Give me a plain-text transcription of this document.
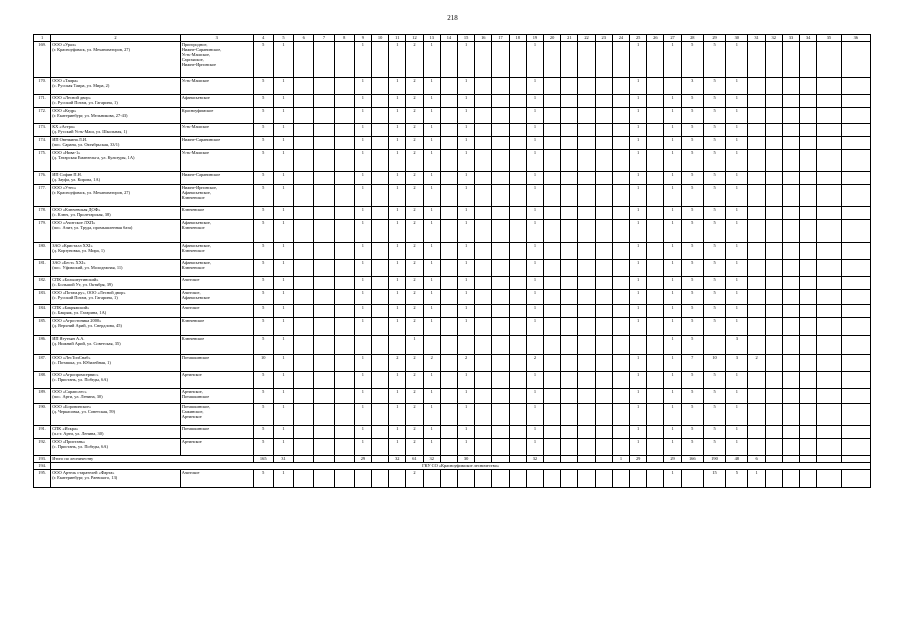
218
1	2	3	4	5	6	7	8	9	10	11	12	13	14	15	16	17	18	19	20	21	22	23	24	25	26	27	28	29	30	31	32	33	34	35	36
169.	ООО «Урал»
(г. Красноуфимск, ул. Механизаторов, 27)	Пригородное,
Нижне-Саранинское,
Усть-Машское,
Саргаяское,
Нижне-Иргинское	5	1				1		1	2	1		1				1						1		1	5	5	1						
170.	ООО «Таира»
(с. Русская Таира, ул. Мира, 2)	Усть-Машское	5	1				1		1	2	1		1				1						1			3	5	1						
171.	ООО «Лесной двор»
(с. Русский Потам, ул. Гагарина, 1)	Афанасьевское	5	1				1		1	2	1		1				1						1		1	5	5	1						
172.	ООО «Кедр»
(г. Екатеринбург, ул. Мельникова, 27-43)	Красноуфимское	5	1				1		1	2	1		1				1						1		1	5	5	1						
173.	КХ «Астра»
(д. Русский Усть-Маш, ул. Школьная, 1)	Усть-Машское	5	1				1		1	2	1		1				1						1		1	5	5	1						
174.	ИП Овечкина Л.И.
(пос. Сарана, ул. Октябрьская, 33/1)	Нижне-Саранинское	5	1				1		1	2	1		1				1						1		1	5	5	1						
175.	ООО «Нива-1»
(д. Татарская Еманзельга, ул. Культуры, 1А)	Усть-Машское	5	1				1		1	2	1		1				1						1		1	5	5	1						
176.	ИП Софин П.Н.
(д. Зауфа, ул. Кирова, 1А)	Нижне-Саранинское	5	1				1		1	2	1		1				1						1		1	5	5	1						
177.	ООО «Утес»
(г. Красноуфимск, ул. Механизаторов, 27)	Нижне-Иргинское,
Афанасьевское,
Ключенское	5	1				1		1	2	1		1				1						1		1	5	5	1						
178.	ООО «Ключевская ДОФ»
(с. Ключ, ул. Пролетарская, 38)	Ключевское	5	1				1		1	2	1		1				1						1		1	5	5	1						
179.	ООО «Ачитское ЛХП»
(пос. Ачит, ул. Труда, промышленная база)	Афанасьевское,
Ключенское	5	1				1		1	2	1		1				1						1		1	5	5	1						
180.	ЗАО «Кристалл XXI»
(д. Корзуновка, ул. Мира, 1)	Афанасьевское,
Ключенское	5	1				1		1	2	1		1				1						1		1	5	5	1						
181.	ЗАО «Бест» XXI»
(пос. Уфимский, ул. Молодежная, 11)	Афанасьевское,
Ключенское	5	1				1		1	2	1		1				1						1		1	5	5	1						
182.	СПК «Большеутинский»
(с. Большой Ут, ул. Октября, 39)	Ачитское	5	1				1		1	2	1		1				1						1		1	5	5	1						
183.	ООО «Потам.ру», ООО «Лесной двор»
(с. Русский Потам, ул. Гагарина, 1)	Ачитское,
Афанасьевское	5	1				1		1	2	1		1				1						1		1	5	5	1						
184.	СПК «Бакряжский»
(с. Бакряж, ул. Гагарина, 1А)	Ачитское	5	1				1		1	2	1		1				1						1		1	5	5	1						
185.	ООО «Агростоника 2000»
(д. Верхний Арий, ул. Свердлова, 45)	Ключевское	5	1				1		1	2	1		1				1						1		1	5	5	1						
186.	ИП Ягутьян А.А.
(д. Нижний Арий, ул. Советская, 35)	Ключевское	5	1							1															1	5		3						
187.	ООО «ЛесТопСнаб»
(с. Поташка, ул. Юбилейная, 1)	Поташкинское	10	1				1		2	2	2		2				2						1		1	7	10	3	2					
188.	ООО «Агропромсервис»
(с. Пристань, ул. Победы, 6А)	Артинское	5	1				1		1	2	1		1				1						1		1	5	5	1						
189.	ООО «Сарапслес»
(пос. Арти, ул. Ленина, 30)	Артинское,
Поташкинское	5	1				1		1	2	1		1				1						1		1	5	5	1						
190.	ООО «Боровинское»
(д. Черкасовка, ул. Советская, 59)	Поташкинское,
Сажинское,
Артинское	5	1				1		1	2	1		1				1						1		1	5	5	1						
191.	СПК «Искра»
(п.г.т. Арти, ул. Ленина, 30)	Поташкинское	5	1				1		1	2	1		1				1						1		1	5	5	1						
192.	ООО «Пристань»
(с. Пристань, ул. Победы, 6А)	Артинское	5	1				1		1	2	1		1				1						1		1	5	5	1						
193.	Итого по лесничеству		165	31				29		32	61	32		30				32					1	29		29	166	190	48	6					
194.	ГКУ СО «Красноуфимское лесничество»																																		
195.	ООО Артель старателей «Фарта»
(г. Екатеринбург, ул. Раевского, 13)	Ачитское	5	1							2															1		15	5	1					
